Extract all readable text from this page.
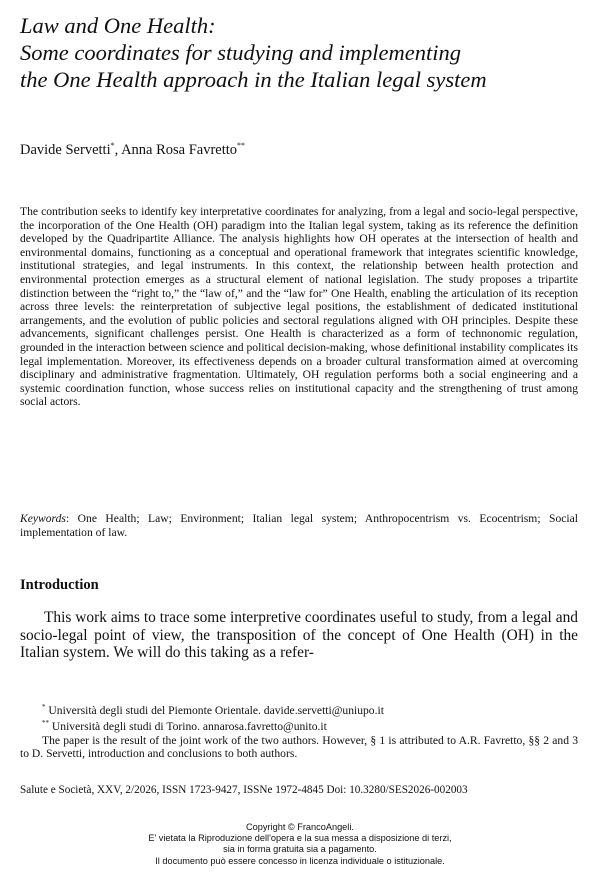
Law and One Health:
Some coordinates for studying and implementing
the One Health approach in the Italian legal system
Davide Servetti*, Anna Rosa Favretto**

The contribution seeks to identify key interpretative coordinates for analyzing, from a legal and socio-legal perspective, the incorporation of the One Health (OH) paradigm into the Italian legal system, taking as its reference the definition developed by the Quadripartite Alliance. The analysis highlights how OH operates at the intersection of health and environmental domains, functioning as a conceptual and operational framework that integrates scientific knowledge, institutional strategies, and legal instruments. In this context, the relationship between health protection and environmental protection emerges as a structural element of national legislation. The study proposes a tripartite distinction between the “right to,” the “law of,” and the “law for” One Health, enabling the articulation of its reception across three levels: the reinterpretation of subjective legal positions, the establishment of dedicated institutional arrangements, and the evolution of public policies and sectoral regulations aligned with OH principles. Despite these advancements, significant challenges persist. One Health is characterized as a form of technonomic regulation, grounded in the interaction between science and political decision-making, whose definitional instability complicates its legal implementation. Moreover, its effectiveness depends on a broader cultural transformation aimed at overcoming disciplinary and administrative fragmentation. Ultimately, OH regulation performs both a social engineering and a systemic coordination function, whose success relies on institutional capacity and the strengthening of trust among social actors.

Keywords: One Health; Law; Environment; Italian legal system; Anthropocentrism vs. Ecocentrism; Social implementation of law.

Introduction

This work aims to trace some interpretive coordinates useful to study, from a legal and socio-legal point of view, the transposition of the concept of One Health (OH) in the Italian system. We will do this taking as a refer-

* Università degli studi del Piemonte Orientale. davide.servetti@uniupo.it

** Università degli studi di Torino. annarosa.favretto@unito.it

The paper is the result of the joint work of the two authors. However, § 1 is attributed to A.R. Favretto, §§ 2 and 3 to D. Servetti, introduction and conclusions to both authors.

Salute e Società, XXV, 2/2026, ISSN 1723-9427, ISSNe 1972-4845 Doi: 10.3280/SES2026-002003

Copyright © FrancoAngeli.
E' vietata la Riproduzione dell'opera e la sua messa a disposizione di terzi,
sia in forma gratuita sia a pagamento.
Il documento può essere concesso in licenza individuale o istituzionale.
